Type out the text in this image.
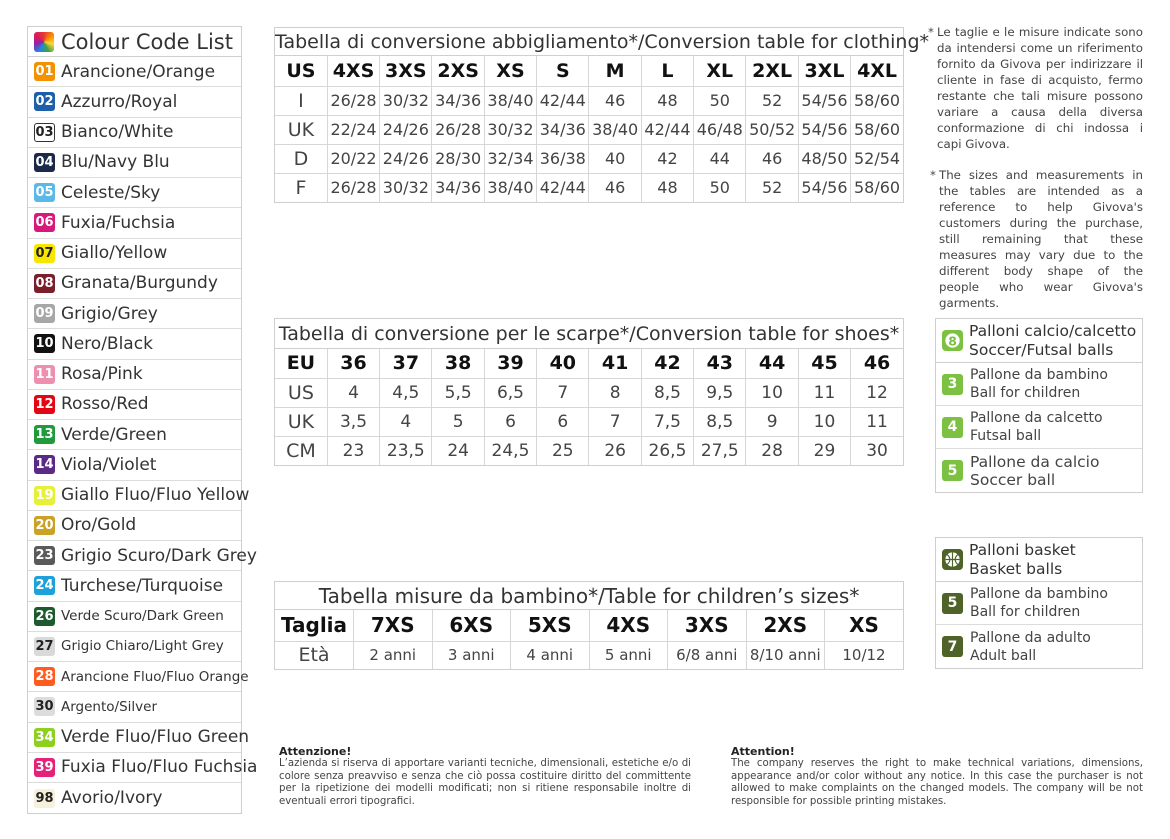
Colour Code List
01 Arancione/Orange
02 Azzurro/Royal
03 Bianco/White
04 Blu/Navy Blu
05 Celeste/Sky
06 Fuxia/Fuchsia
07 Giallo/Yellow
08 Granata/Burgundy
09 Grigio/Grey
10 Nero/Black
11 Rosa/Pink
12 Rosso/Red
13 Verde/Green
14 Viola/Violet
19 Giallo Fluo/Fluo Yellow
20 Oro/Gold
23 Grigio Scuro/Dark Grey
24 Turchese/Turquoise
26 Verde Scuro/Dark Green
27 Grigio Chiaro/Light Grey
28 Arancione Fluo/Fluo Orange
30 Argento/Silver
34 Verde Fluo/Fluo Green
39 Fuxia Fluo/Fluo Fuchsia
98 Avorio/Ivory
Tabella di conversione abbigliamento*/Conversion table for clothing*
US	4XS	3XS	2XS	XS	S	M	L	XL	2XL	3XL	4XL
I	26/28	30/32	34/36	38/40	42/44	46	48	50	52	54/56	58/60
UK	22/24	24/26	26/28	30/32	34/36	38/40	42/44	46/48	50/52	54/56	58/60
D	20/22	24/26	28/30	32/34	36/38	40	42	44	46	48/50	52/54
F	26/28	30/32	34/36	38/40	42/44	46	48	50	52	54/56	58/60
Tabella di conversione per le scarpe*/Conversion table for shoes*
EU	36	37	38	39	40	41	42	43	44	45	46
US	4	4,5	5,5	6,5	7	8	8,5	9,5	10	11	12
UK	3,5	4	5	6	6	7	7,5	8,5	9	10	11
CM	23	23,5	24	24,5	25	26	26,5	27,5	28	29	30
Tabella misure da bambino*/Table for children’s sizes*
Taglia	7XS	6XS	5XS	4XS	3XS	2XS	XS
Età	2 anni	3 anni	4 anni	5 anni	6/8 anni	8/10 anni	10/12
* Le taglie e le misure indicate sono da intendersi come un riferimento fornito da Givova per indirizzare il cliente in fase di acquisto, fermo restante che tali misure possono variare a causa della diversa conformazione di chi indossa i capi Givova.
* The sizes and measurements in the tables are intended as a reference to help Givova's customers during the purchase, still remaining that these measures may vary due to the different body shape of the people who wear Givova's garments.
8
Palloni calcio/calcetto
Soccer/Futsal balls
3
Pallone da bambino
Ball for children
4
Pallone da calcetto
Futsal ball
5 Pallone da calcio
Soccer ball
Palloni basket
Basket balls
5
Pallone da bambino
Ball for children
7
Pallone da adulto
Adult ball
Attenzione!
L’azienda si riserva di apportare varianti tecniche, dimensionali, estetiche e/o di colore senza preavviso e senza che ciò possa costituire diritto del committente per la ripetizione dei modelli modificati; non si ritiene responsabile inoltre di eventuali errori tipografici.
Attention!
The company reserves the right to make technical variations, dimensions, appearance and/or color without any notice. In this case the purchaser is not allowed to make complaints on the changed models. The company will be not responsible for possible printing mistakes.
